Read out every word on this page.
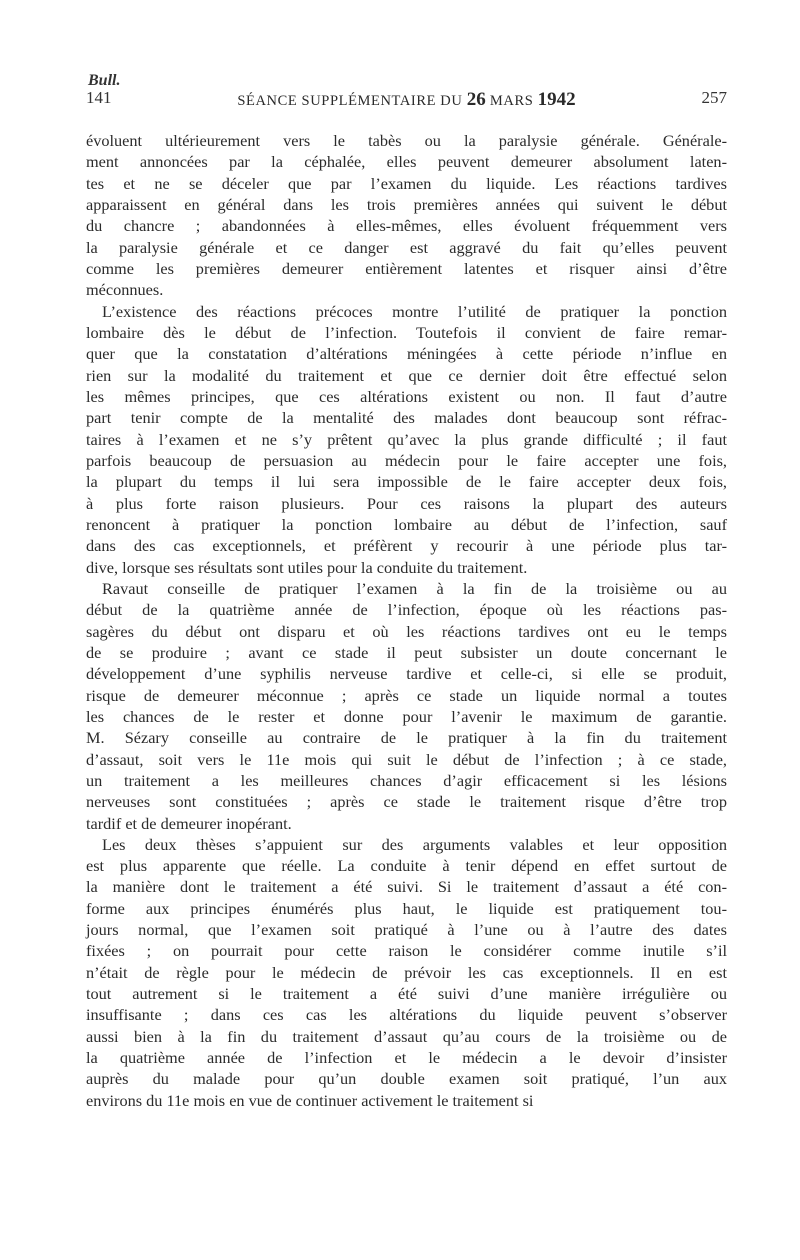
Bull.
141	SÉANCE SUPPLÉMENTAIRE DU 26 MARS 1942	257
évoluent ultérieurement vers le tabès ou la paralysie générale. Générale-
ment annoncées par la céphalée, elles peuvent demeurer absolument laten-
tes et ne se déceler que par l’examen du liquide. Les réactions tardives
apparaissent en général dans les trois premières années qui suivent le début
du chancre ; abandonnées à elles-mêmes, elles évoluent fréquemment vers
la paralysie générale et ce danger est aggravé du fait qu’elles peuvent
comme les premières demeurer entièrement latentes et risquer ainsi d’être
méconnues.
L’existence des réactions précoces montre l’utilité de pratiquer la ponction
lombaire dès le début de l’infection. Toutefois il convient de faire remar-
quer que la constatation d’altérations méningées à cette période n’influe en
rien sur la modalité du traitement et que ce dernier doit être effectué selon
les mêmes principes, que ces altérations existent ou non. Il faut d’autre
part tenir compte de la mentalité des malades dont beaucoup sont réfrac-
taires à l’examen et ne s’y prêtent qu’avec la plus grande difficulté ; il faut
parfois beaucoup de persuasion au médecin pour le faire accepter une fois,
la plupart du temps il lui sera impossible de le faire accepter deux fois,
à plus forte raison plusieurs. Pour ces raisons la plupart des auteurs
renoncent à pratiquer la ponction lombaire au début de l’infection, sauf
dans des cas exceptionnels, et préfèrent y recourir à une période plus tar-
dive, lorsque ses résultats sont utiles pour la conduite du traitement.
Ravaut conseille de pratiquer l’examen à la fin de la troisième ou au
début de la quatrième année de l’infection, époque où les réactions pas-
sagères du début ont disparu et où les réactions tardives ont eu le temps
de se produire ; avant ce stade il peut subsister un doute concernant le
développement d’une syphilis nerveuse tardive et celle-ci, si elle se produit,
risque de demeurer méconnue ; après ce stade un liquide normal a toutes
les chances de le rester et donne pour l’avenir le maximum de garantie.
M. Sézary conseille au contraire de le pratiquer à la fin du traitement
d’assaut, soit vers le 11e mois qui suit le début de l’infection ; à ce stade,
un traitement a les meilleures chances d’agir efficacement si les lésions
nerveuses sont constituées ; après ce stade le traitement risque d’être trop
tardif et de demeurer inopérant.
Les deux thèses s’appuient sur des arguments valables et leur opposition
est plus apparente que réelle. La conduite à tenir dépend en effet surtout de
la manière dont le traitement a été suivi. Si le traitement d’assaut a été con-
forme aux principes énumérés plus haut, le liquide est pratiquement tou-
jours normal, que l’examen soit pratiqué à l’une ou à l’autre des dates
fixées ; on pourrait pour cette raison le considérer comme inutile s’il
n’était de règle pour le médecin de prévoir les cas exceptionnels. Il en est
tout autrement si le traitement a été suivi d’une manière irrégulière ou
insuffisante ; dans ces cas les altérations du liquide peuvent s’observer
aussi bien à la fin du traitement d’assaut qu’au cours de la troisième ou de
la quatrième année de l’infection et le médecin a le devoir d’insister
auprès du malade pour qu’un double examen soit pratiqué, l’un aux
environs du 11e mois en vue de continuer activement le traitement si
